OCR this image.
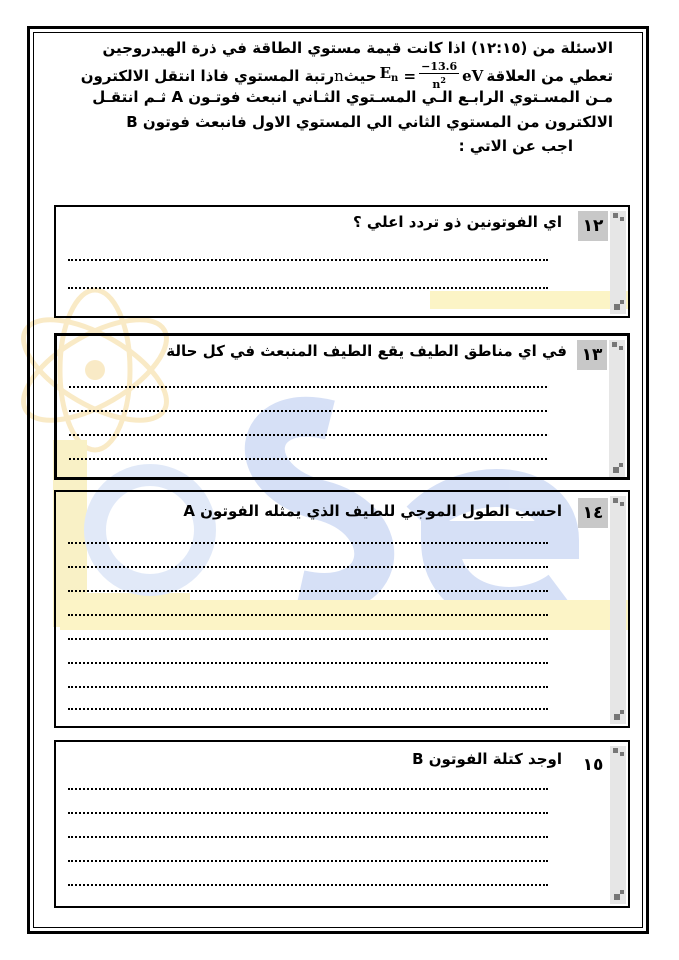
الاسئلة من (١٢:١٥) اذا كانت قيمة مستوي الطاقة في ذرة الهيدروجين
تعطي من العلاقة
$E_n$
= $\frac{-13.6}{n^2}$ eV
حيثnرتبة المستوي فاذا انتقل الالكترون
مـن المسـتوي الرابـع الـي المسـتوي الثـاني انبعث فوتـون A ثـم انتقـل
الالكترون من المستوي الثاني الي المستوي الاول فانبعث فوتون B
اجب عن الاتي :
١٢
اي الفوتونين ذو تردد اعلي ؟
١٣
في اي مناطق الطيف يقع الطيف المنبعث في كل حالة
١٤
احسب الطول الموجي للطيف الذي يمثله الفوتون A
١٥
اوجد كتلة الفوتون B
